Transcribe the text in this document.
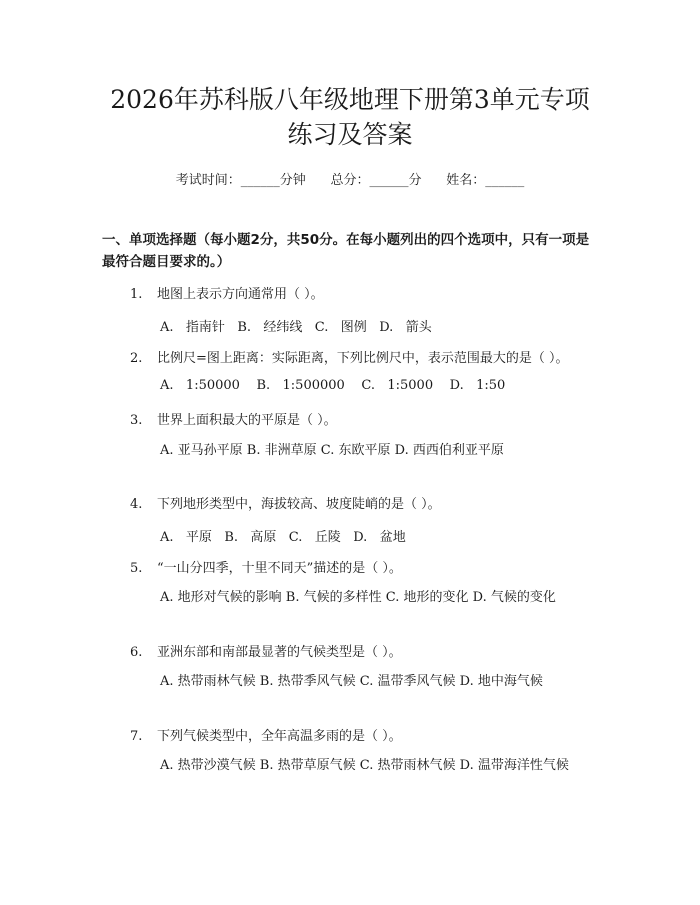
2026年苏科版八年级地理下册第3单元专项
练习及答案
考试时间：______分钟      总分：______分      姓名：______
一、单项选择题（每小题2分，共50分。在每小题列出的四个选项中，只有一项是最符合题目要求的。）
1. 地图上表示方向通常用（ ）。
A.   指南针   B.   经纬线   C.   图例   D.   箭头
2. 比例尺=图上距离：实际距离，下列比例尺中，表示范围最大的是（ ）。
A.   1:50000    B.   1:500000    C.   1:5000    D.   1:50
3. 世界上面积最大的平原是（ ）。
A. 亚马孙平原 B. 非洲草原 C. 东欧平原 D. 西西伯利亚平原
4. 下列地形类型中，海拔较高、坡度陡峭的是（ ）。
A.   平原   B.   高原   C.   丘陵   D.   盆地
5. “一山分四季，十里不同天”描述的是（ ）。
A. 地形对气候的影响 B. 气候的多样性 C. 地形的变化 D. 气候的变化
6. 亚洲东部和南部最显著的气候类型是（ ）。
A. 热带雨林气候 B. 热带季风气候 C. 温带季风气候 D. 地中海气候
7. 下列气候类型中，全年高温多雨的是（ ）。
A. 热带沙漠气候 B. 热带草原气候 C. 热带雨林气候 D. 温带海洋性气候
